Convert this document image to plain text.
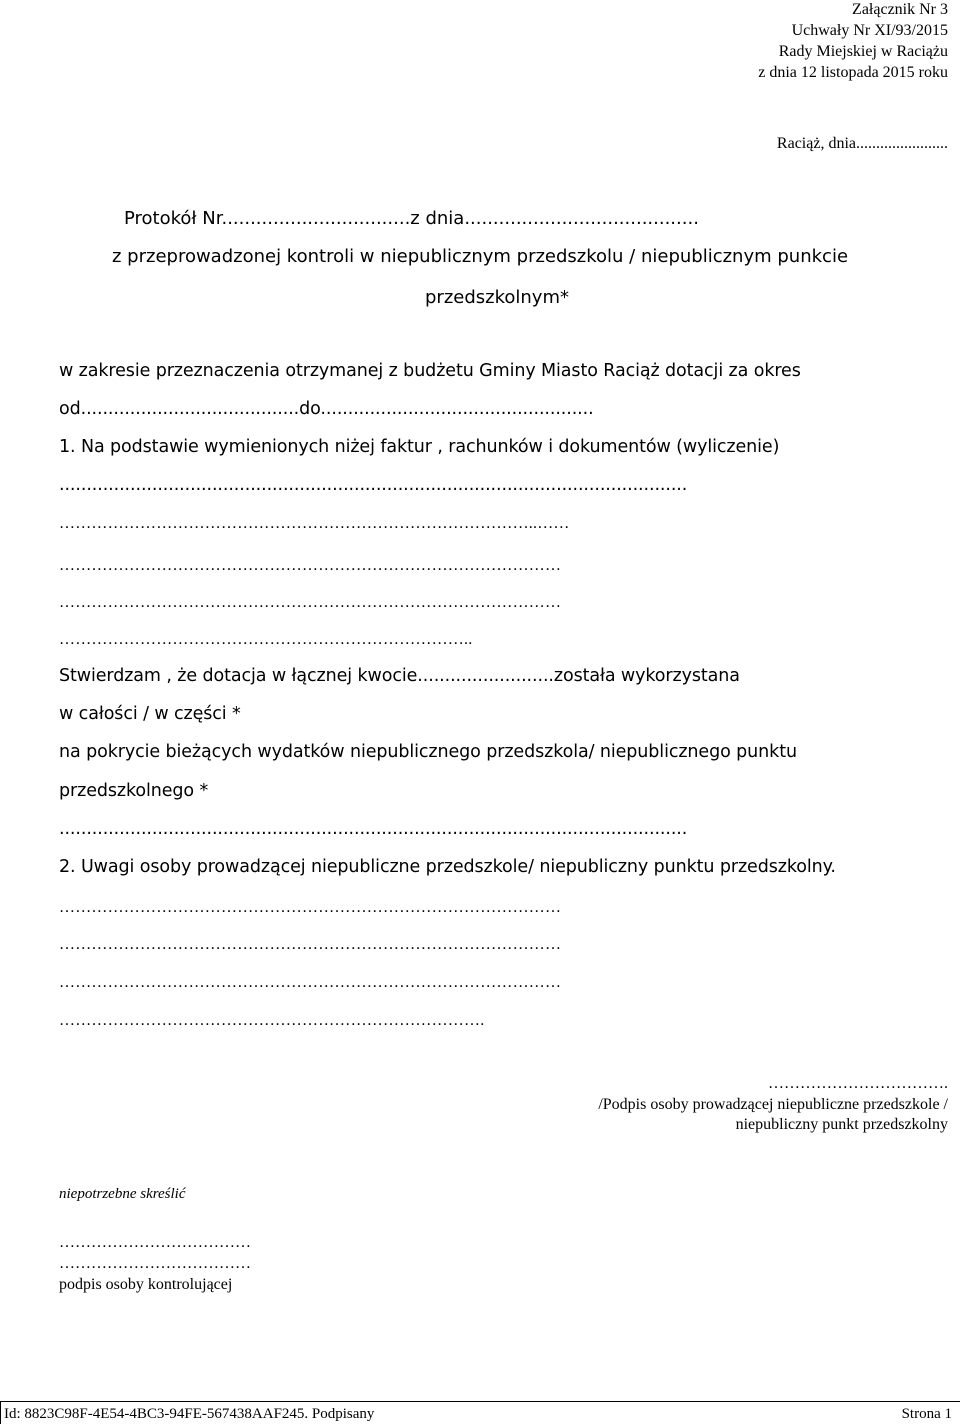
Załącznik Nr 3
Uchwały Nr XI/93/2015
Rady Miejskiej w Raciążu
z dnia 12 listopada 2015 roku
Raciąż, dnia.......................
Protokół Nr.................................z dnia.........................................
z przeprowadzonej kontroli w niepublicznym przedszkolu / niepublicznym punkcie
przedszkolnym*
w zakresie przeznaczenia otrzymanej z budżetu Gminy Miasto Raciąż dotacji za okres
od........................................do..................................................
1. Na podstawie wymienionych niżej faktur , rachunków i dokumentów (wyliczenie)
...................................................................................................................
……………………………………………………………………………..……
…………………………………………………………………………………
…………………………………………………………………………………
…………………………………………………………………..
Stwierdzam , że dotacja w łącznej kwocie.........................została wykorzystana
w całości / w części *
na pokrycie bieżących wydatków niepublicznego przedszkola/ niepublicznego punktu
przedszkolnego *
...................................................................................................................
2. Uwagi osoby prowadzącej niepubliczne przedszkole/ niepubliczny punktu przedszkolny.
…………………………………………………………………………………
…………………………………………………………………………………
…………………………………………………………………………………
…………………………………………………………………….
…………………………….
/Podpis osoby prowadzącej niepubliczne przedszkole /
niepubliczny punkt przedszkolny
niepotrzebne skreślić
………………………………
………………………………
podpis osoby kontrolującej
Id: 8823C98F-4E54-4BC3-94FE-567438AAF245. Podpisany	Strona 1
